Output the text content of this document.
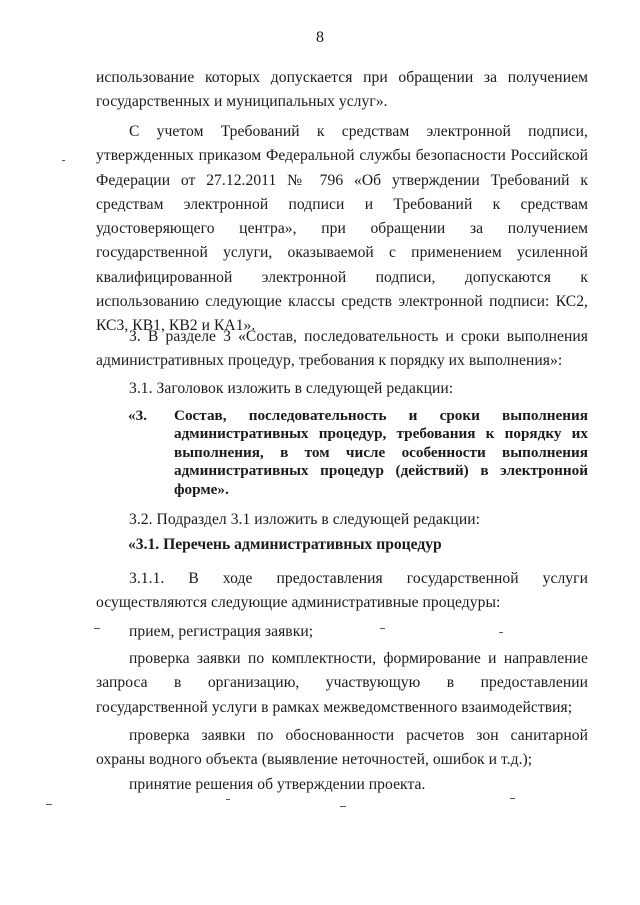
8
использование которых допускается при обращении за получением государственных и муниципальных услуг».
С учетом Требований к средствам электронной подписи, утвержденных приказом Федеральной службы безопасности Российской Федерации от 27.12.2011 № 796 «Об утверждении Требований к средствам электронной подписи и Требований к средствам удостоверяющего центра», при обращении за получением государственной услуги, оказываемой с применением усиленной квалифицированной электронной подписи, допускаются к использованию следующие классы средств электронной подписи: КС2, КС3, КВ1, КВ2 и КА1».
3. В разделе 3 «Состав, последовательность и сроки выполнения административных процедур, требования к порядку их выполнения»:
3.1. Заголовок изложить в следующей редакции:
«3. Состав, последовательность и сроки выполнения административных процедур, требования к порядку их выполнения, в том числе особенности выполнения административных процедур (действий) в электронной форме».
3.2. Подраздел 3.1 изложить в следующей редакции:
«3.1. Перечень административных процедур
3.1.1. В ходе предоставления государственной услуги осуществляются следующие административные процедуры:
прием, регистрация заявки;
проверка заявки по комплектности, формирование и направление запроса в организацию, участвующую в предоставлении государственной услуги в рамках межведомственного взаимодействия;
проверка заявки по обоснованности расчетов зон санитарной охраны водного объекта (выявление неточностей, ошибок и т.д.);
принятие решения об утверждении проекта.
